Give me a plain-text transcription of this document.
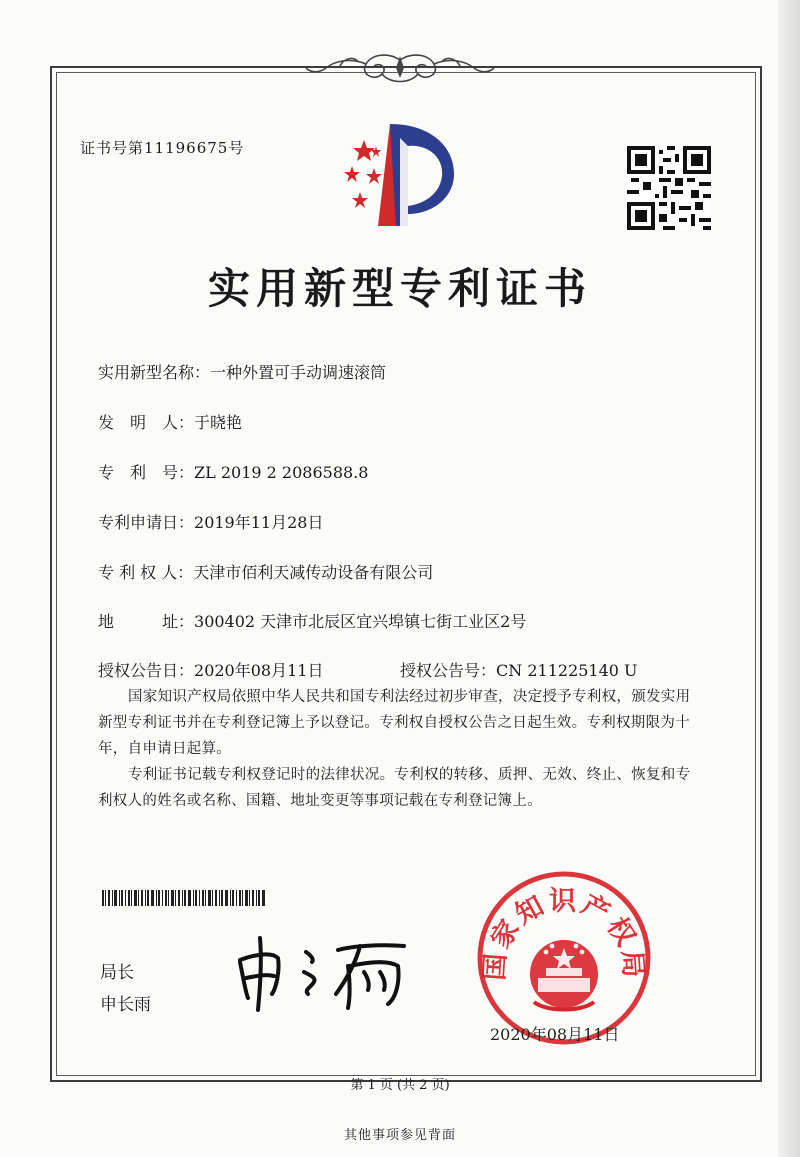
证书号第11196675号
实用新型专利证书
实用新型名称：一种外置可手动调速滚筒
发　明　人：于晓艳
专　利　号：ZL 2019 2 2086588.8
专利申请日：2019年11月28日
专 利 权 人：天津市佰利天减传动设备有限公司
地　　　址：300402 天津市北辰区宜兴埠镇七街工业区2号
授权公告日：2020年08月11日	授权公告号：CN 211225140 U
国家知识产权局依照中华人民共和国专利法经过初步审查，决定授予专利权，颁发实用新型专利证书并在专利登记簿上予以登记。专利权自授权公告之日起生效。专利权期限为十年，自申请日起算。
专利证书记载专利权登记时的法律状况。专利权的转移、质押、无效、终止、恢复和专利权人的姓名或名称、国籍、地址变更等事项记载在专利登记簿上。
局长
申长雨
国家知识产权局
2020年08月11日
第 1 页 (共 2 页)
其他事项参见背面
